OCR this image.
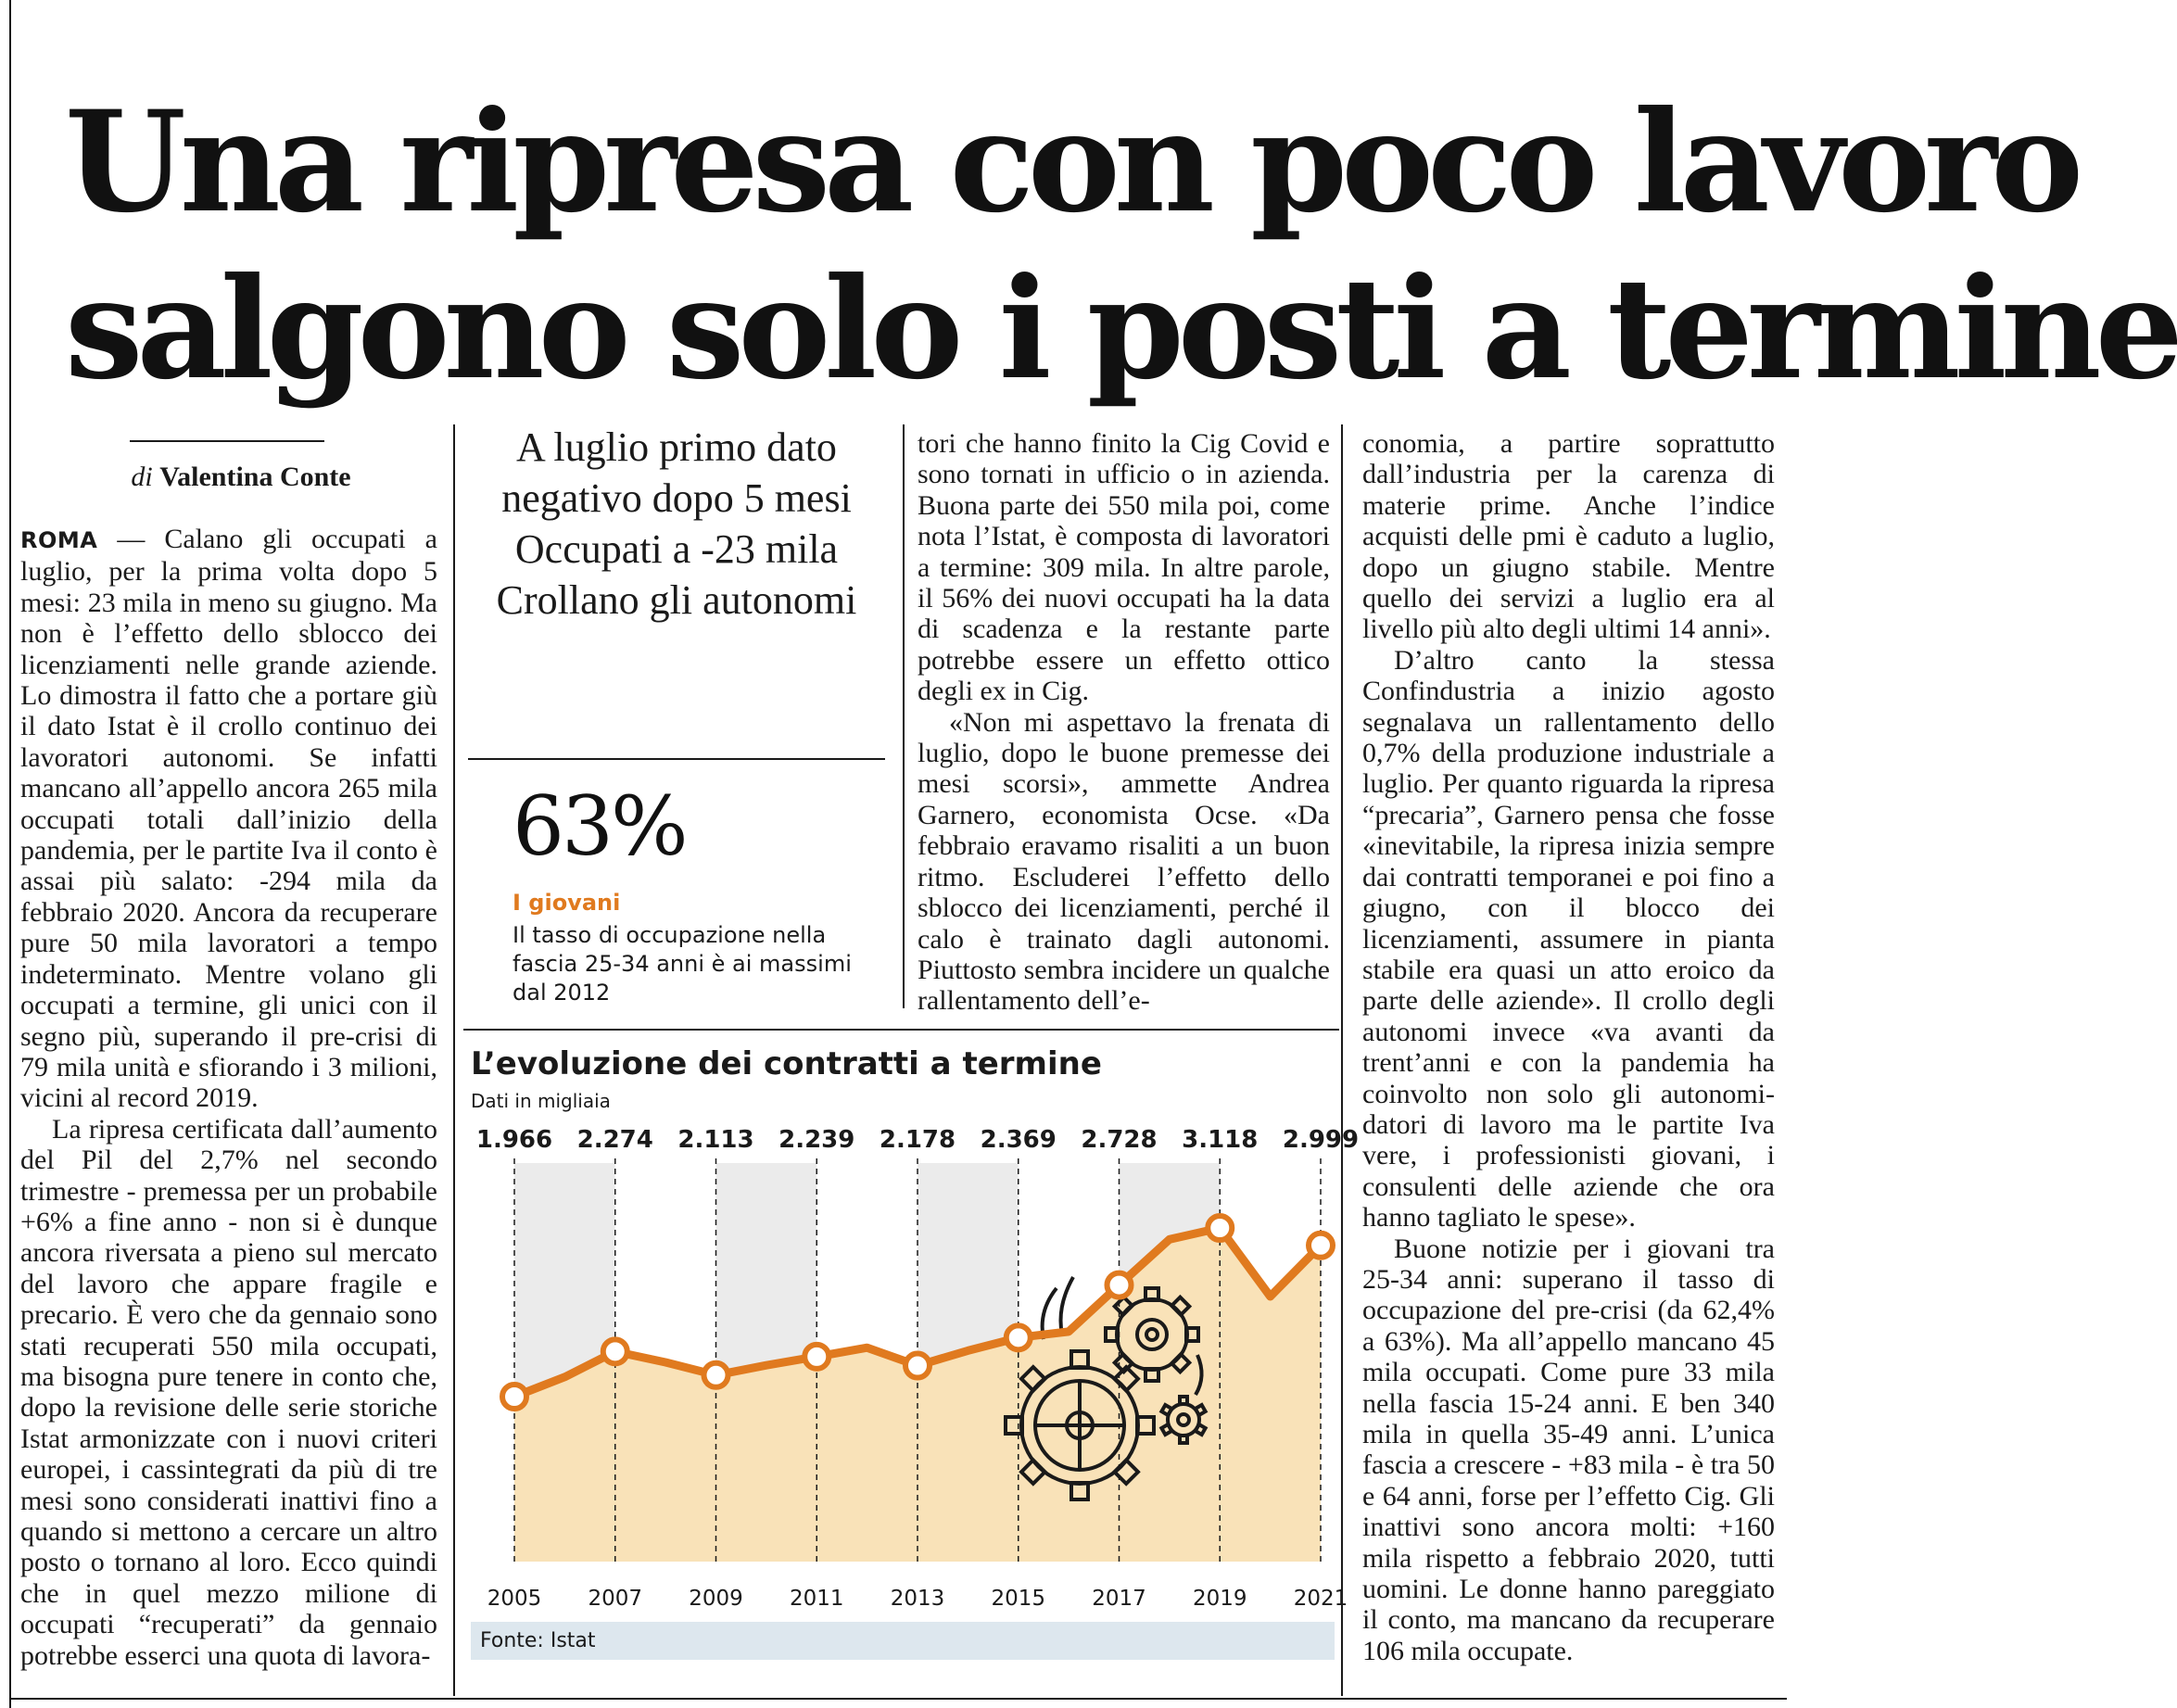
Una ripresa con poco lavoro
salgono solo i posti a termine
di Valentina Conte

ROMA — Calano gli occupati a luglio, per la prima volta dopo 5 mesi: 23 mila in meno su giugno. Ma non è l’effetto dello sblocco dei licenziamenti nelle grande aziende. Lo dimostra il fatto che a portare giù il dato Istat è il crollo continuo dei lavoratori autonomi. Se infatti mancano all’appello ancora 265 mila occupati totali dall’inizio della pandemia, per le partite Iva il conto è assai più salato: -294 mila da febbraio 2020. Ancora da recuperare pure 50 mila lavoratori a tempo indeterminato. Mentre volano gli occupati a termine, gli unici con il segno più, superando il pre-crisi di 79 mila unità e sfiorando i 3 milioni, vicini al record 2019.

La ripresa certificata dall’aumento del Pil del 2,7% nel secondo trimestre - premessa per un probabile +6% a fine anno - non si è dunque ancora riversata a pieno sul mercato del lavoro che appare fragile e precario. È vero che da gennaio sono stati recuperati 550 mila occupati, ma bisogna pure tenere in conto che, dopo la revisione delle serie storiche Istat armonizzate con i nuovi criteri europei, i cassintegrati da più di tre mesi sono considerati inattivi fino a quando si mettono a cercare un altro posto o tornano al loro. Ecco quindi che in quel mezzo milione di occupati “recuperati” da gennaio potrebbe esserci una quota di lavora-

A luglio primo dato
negativo dopo 5 mesi
Occupati a -23 mila
Crollano gli autonomi
63%
I giovani
Il tasso di occupazione nella fascia 25-34 anni è ai massimi dal 2012

tori che hanno finito la Cig Covid e sono tornati in ufficio o in azienda. Buona parte dei 550 mila poi, come nota l’Istat, è composta di lavoratori a termine: 309 mila. In altre parole, il 56% dei nuovi occupati ha la data di scadenza e la restante parte potrebbe essere un effetto ottico degli ex in Cig.

«Non mi aspettavo la frenata di luglio, dopo le buone premesse dei mesi scorsi», ammette Andrea Garnero, economista Ocse. «Da febbraio eravamo risaliti a un buon ritmo. Escluderei l’effetto dello sblocco dei licenziamenti, perché il calo è trainato dagli autonomi. Piuttosto sembra incidere un qualche rallentamento dell’e-

conomia, a partire soprattutto dall’industria per la carenza di materie prime. Anche l’indice acquisti delle pmi è caduto a luglio, dopo un giugno stabile. Mentre quello dei servizi a luglio era al livello più alto degli ultimi 14 anni».

D’altro canto la stessa Confindustria a inizio agosto segnalava un rallentamento dello 0,7% della produzione industriale a luglio. Per quanto riguarda la ripresa “precaria”, Garnero pensa che fosse «inevitabile, la ripresa inizia sempre dai contratti temporanei e poi fino a giugno, con il blocco dei licenziamenti, assumere in pianta stabile era quasi un atto eroico da parte delle aziende». Il crollo degli autonomi invece «va avanti da trent’anni e con la pandemia ha coinvolto non solo gli autonomi-datori di lavoro ma le partite Iva vere, i professionisti giovani, i consulenti delle aziende che ora hanno tagliato le spese».

Buone notizie per i giovani tra 25-34 anni: superano il tasso di occupazione del pre-crisi (da 62,4% a 63%). Ma all’appello mancano 45 mila occupati. Come pure 33 mila nella fascia 15-24 anni. E ben 340 mila in quella 35-49 anni. L’unica fascia a crescere - +83 mila - è tra 50 e 64 anni, forse per l’effetto Cig. Gli inattivi sono ancora molti: +160 mila rispetto a febbraio 2020, tutti uomini. Le donne hanno pareggiato il conto, ma mancano da recuperare 106 mila occupate.

L’evoluzione dei contratti a termine
Dati in migliaia
1.966 2.274 2.113 2.239 2.178 2.369 2.728 3.118 2.999
2005 2007 2009 2011 2013 2015 2017 2019 2021
Fonte: Istat
